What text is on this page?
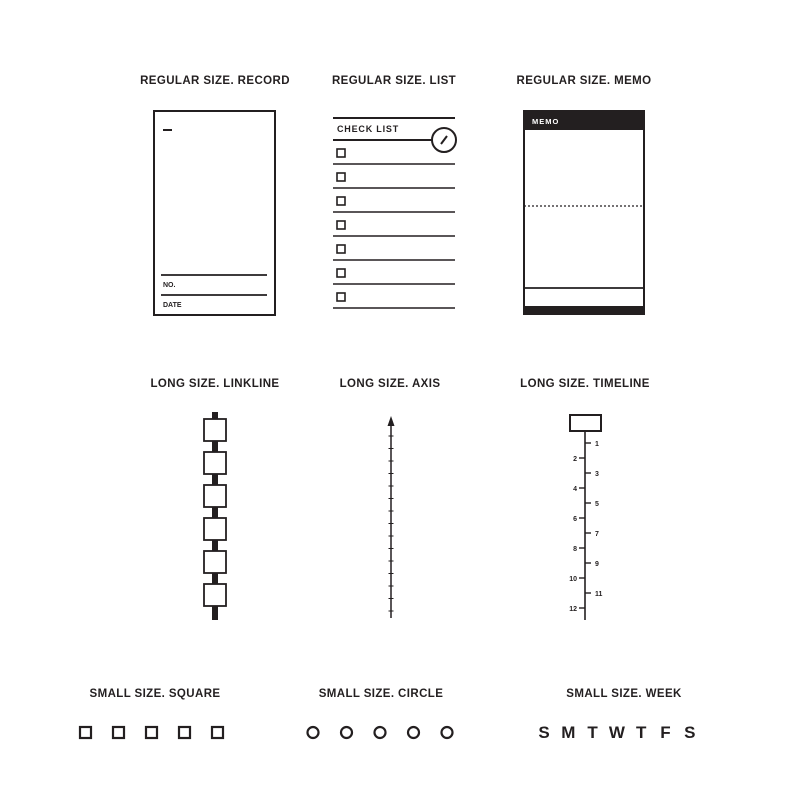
REGULAR SIZE. RECORD	REGULAR SIZE. LIST	REGULAR SIZE. MEMO
NO.
DATE
CHECK LIST
MEMO
LONG SIZE. LINKLINE	LONG SIZE. AXIS	LONG SIZE. TIMELINE
1
3
5
7
9
11
2
4
6
8
10
12
SMALL SIZE. SQUARE	SMALL SIZE. CIRCLE	SMALL SIZE. WEEK
S M T W T F S
